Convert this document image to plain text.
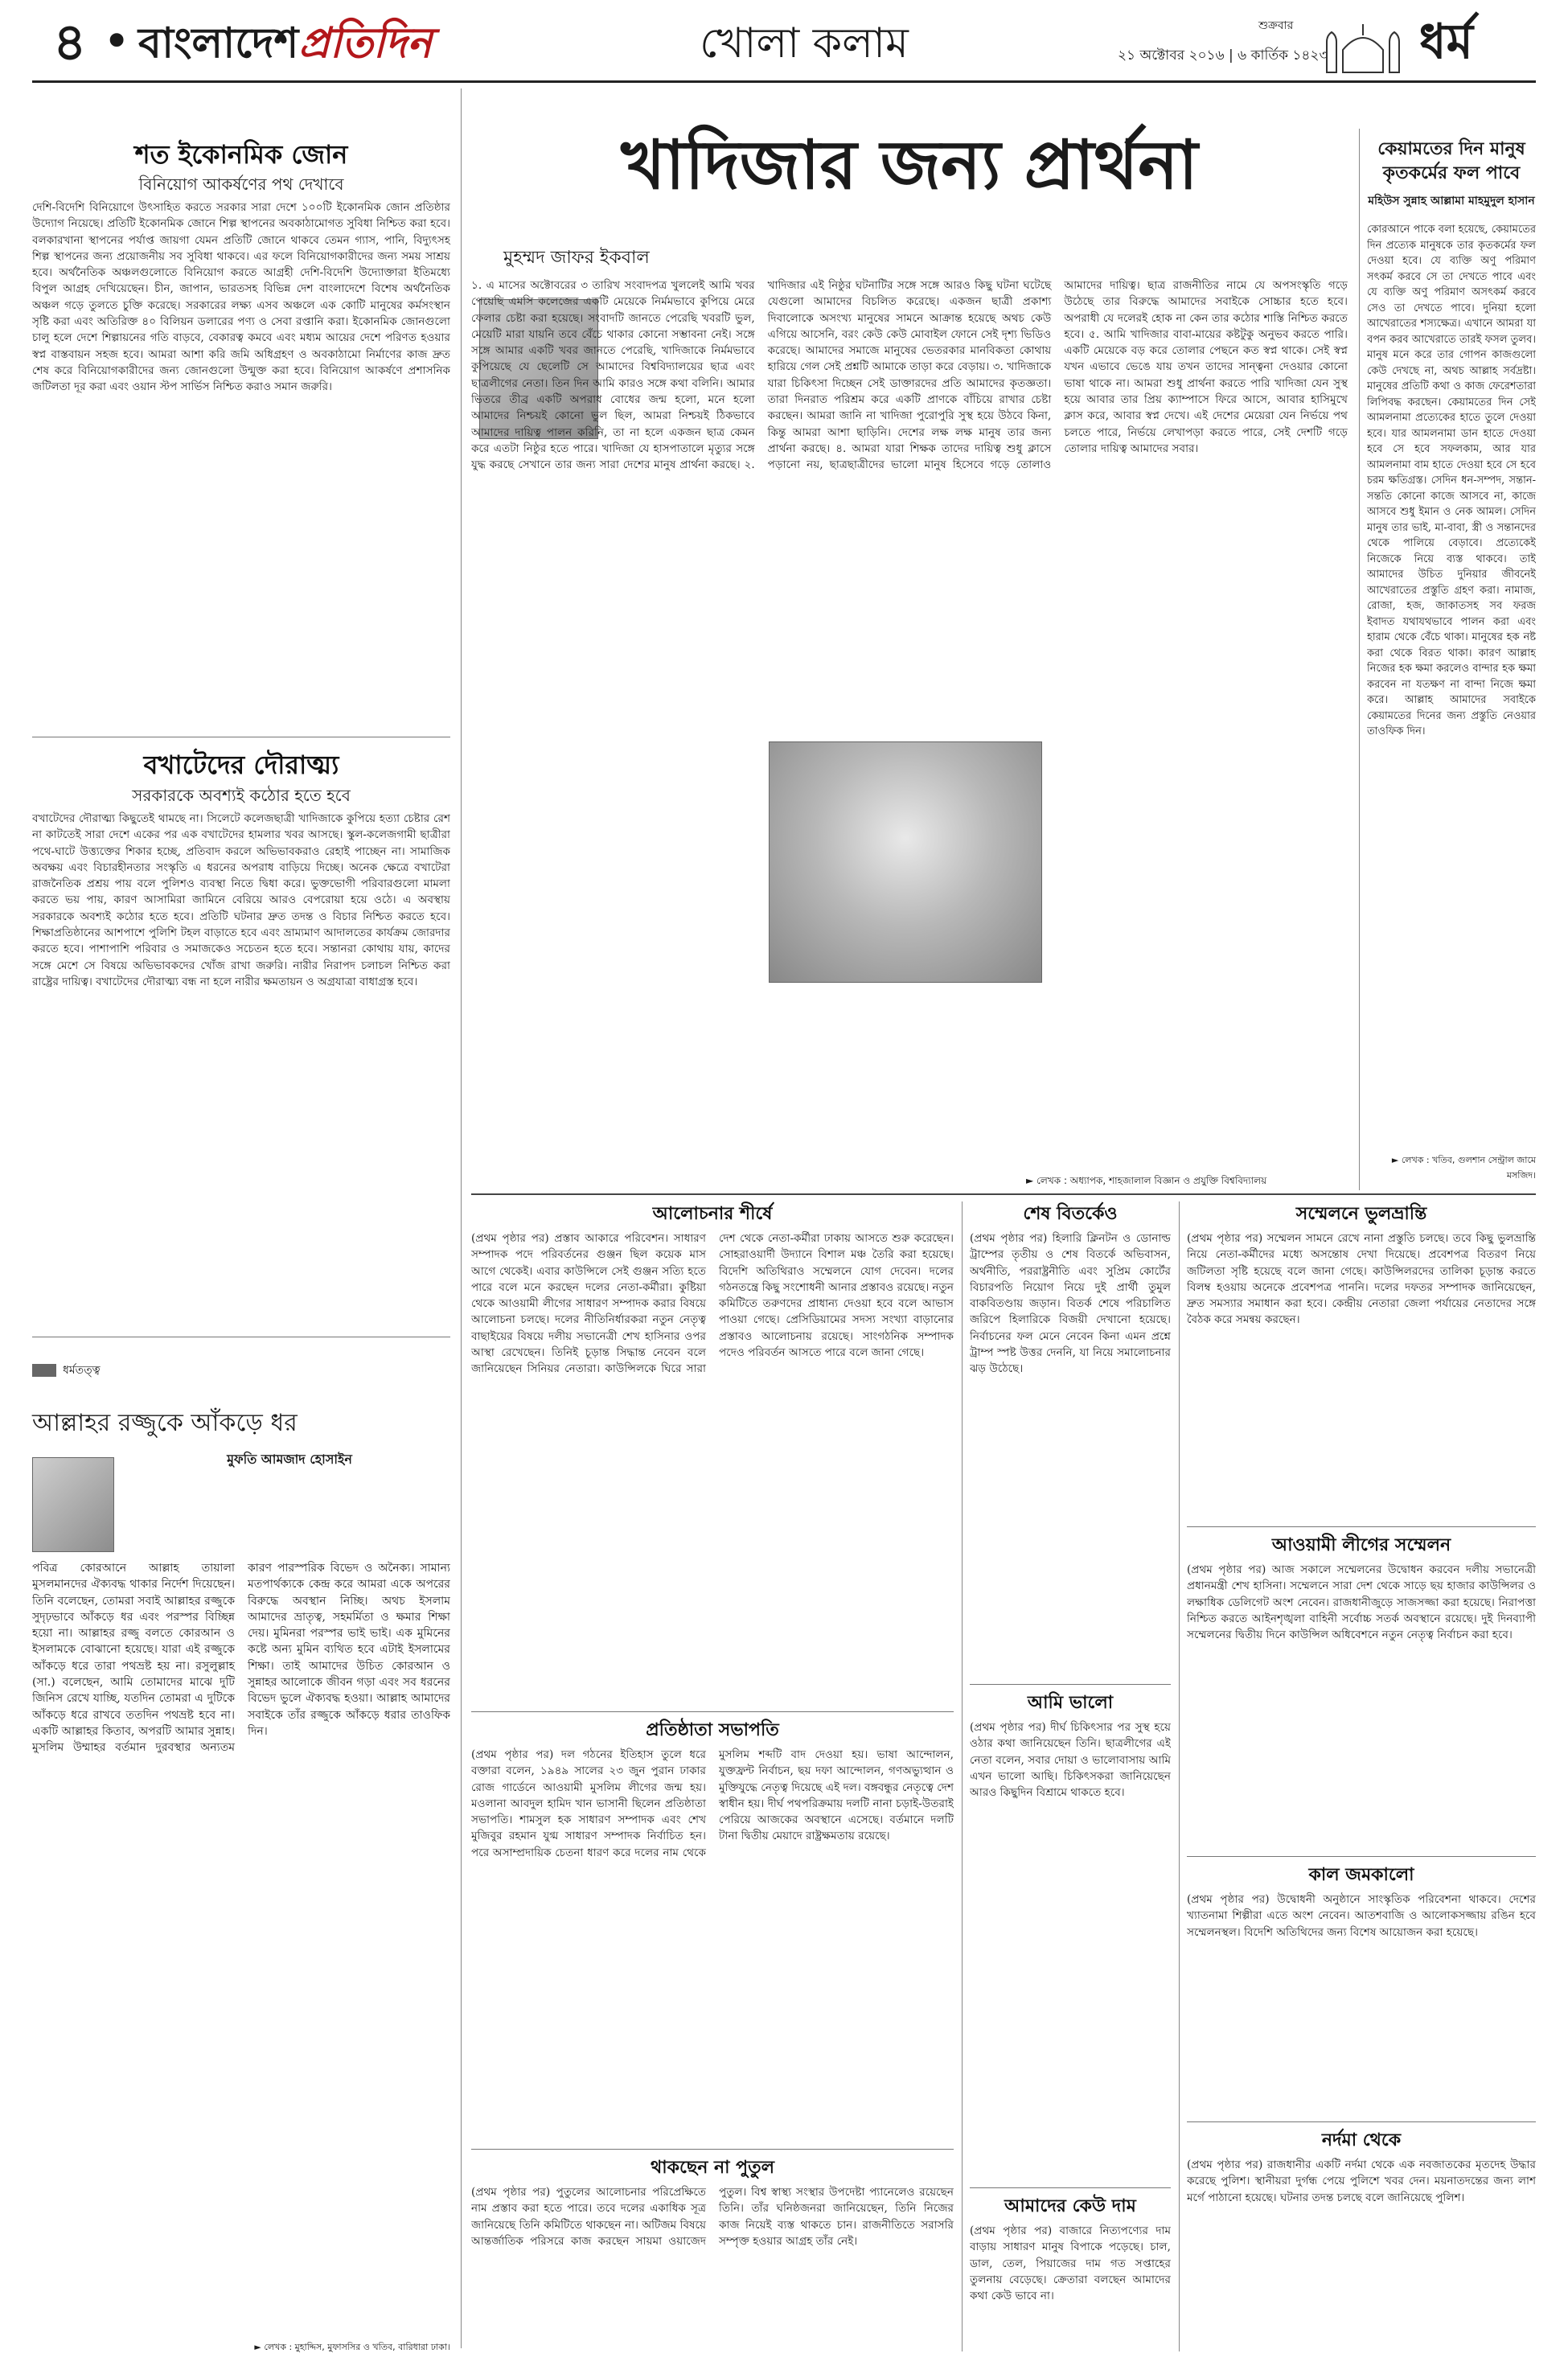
৪ • বাংলাদেশপ্রতিদিন	খোলা কলাম	শুক্রবার
২১ অক্টোবর ২০১৬ | ৬ কার্তিক ১৪২৩ ধর্ম
শত ইকোনমিক জোন
বিনিয়োগ আকর্ষণের পথ দেখাবে
দেশি-বিদেশি বিনিয়োগে উৎসাহিত করতে সরকার সারা দেশে ১০০টি ইকোনমিক জোন প্রতিষ্ঠার উদ্যোগ নিয়েছে। প্রতিটি ইকোনমিক জোনে শিল্প স্থাপনের অবকাঠামোগত সুবিধা নিশ্চিত করা হবে। বলকারখানা স্থাপনের পর্যাপ্ত জায়গা যেমন প্রতিটি জোনে থাকবে তেমন গ্যাস, পানি, বিদ্যুৎসহ শিল্প স্থাপনের জন্য প্রয়োজনীয় সব সুবিধা থাকবে। এর ফলে বিনিয়োগকারীদের জন্য সময় সাশ্রয় হবে। অর্থনৈতিক অঞ্চলগুলোতে বিনিয়োগ করতে আগ্রহী দেশি-বিদেশি উদ্যোক্তারা ইতিমধ্যে বিপুল আগ্রহ দেখিয়েছেন। চীন, জাপান, ভারতসহ বিভিন্ন দেশ বাংলাদেশে বিশেষ অর্থনৈতিক অঞ্চল গড়ে তুলতে চুক্তি করেছে। সরকারের লক্ষ্য এসব অঞ্চলে এক কোটি মানুষের কর্মসংস্থান সৃষ্টি করা এবং অতিরিক্ত ৪০ বিলিয়ন ডলারের পণ্য ও সেবা রপ্তানি করা। ইকোনমিক জোনগুলো চালু হলে দেশে শিল্পায়নের গতি বাড়বে, বেকারত্ব কমবে এবং মধ্যম আয়ের দেশে পরিণত হওয়ার স্বপ্ন বাস্তবায়ন সহজ হবে। আমরা আশা করি জমি অধিগ্রহণ ও অবকাঠামো নির্মাণের কাজ দ্রুত শেষ করে বিনিয়োগকারীদের জন্য জোনগুলো উন্মুক্ত করা হবে। বিনিয়োগ আকর্ষণে প্রশাসনিক জটিলতা দূর করা এবং ওয়ান স্টপ সার্ভিস নিশ্চিত করাও সমান জরুরি।
বখাটেদের দৌরাত্ম্য
সরকারকে অবশ্যই কঠোর হতে হবে
বখাটেদের দৌরাত্ম্য কিছুতেই থামছে না। সিলেটে কলেজছাত্রী খাদিজাকে কুপিয়ে হত্যা চেষ্টার রেশ না কাটতেই সারা দেশে একের পর এক বখাটেদের হামলার খবর আসছে। স্কুল-কলেজগামী ছাত্রীরা পথে-ঘাটে উত্ত্যক্তের শিকার হচ্ছে, প্রতিবাদ করলে অভিভাবকরাও রেহাই পাচ্ছেন না। সামাজিক অবক্ষয় এবং বিচারহীনতার সংস্কৃতি এ ধরনের অপরাধ বাড়িয়ে দিচ্ছে। অনেক ক্ষেত্রে বখাটেরা রাজনৈতিক প্রশ্রয় পায় বলে পুলিশও ব্যবস্থা নিতে দ্বিধা করে। ভুক্তভোগী পরিবারগুলো মামলা করতে ভয় পায়, কারণ আসামিরা জামিনে বেরিয়ে আরও বেপরোয়া হয়ে ওঠে। এ অবস্থায় সরকারকে অবশ্যই কঠোর হতে হবে। প্রতিটি ঘটনার দ্রুত তদন্ত ও বিচার নিশ্চিত করতে হবে। শিক্ষাপ্রতিষ্ঠানের আশপাশে পুলিশি টহল বাড়াতে হবে এবং ভ্রাম্যমাণ আদালতের কার্যক্রম জোরদার করতে হবে। পাশাপাশি পরিবার ও সমাজকেও সচেতন হতে হবে। সন্তানরা কোথায় যায়, কাদের সঙ্গে মেশে সে বিষয়ে অভিভাবকদের খোঁজ রাখা জরুরি। নারীর নিরাপদ চলাচল নিশ্চিত করা রাষ্ট্রের দায়িত্ব। বখাটেদের দৌরাত্ম্য বন্ধ না হলে নারীর ক্ষমতায়ন ও অগ্রযাত্রা বাধাগ্রস্ত হবে।
ধর্মতত্ত্ব
আল্লাহর রজ্জুকে আঁকড়ে ধর
মুফতি আমজাদ হোসাইন
পবিত্র কোরআনে আল্লাহ তায়ালা মুসলমানদের ঐক্যবদ্ধ থাকার নির্দেশ দিয়েছেন। তিনি বলেছেন, তোমরা সবাই আল্লাহর রজ্জুকে সুদৃঢ়ভাবে আঁকড়ে ধর এবং পরস্পর বিচ্ছিন্ন হয়ো না। আল্লাহর রজ্জু বলতে কোরআন ও ইসলামকে বোঝানো হয়েছে। যারা এই রজ্জুকে আঁকড়ে ধরে তারা পথভ্রষ্ট হয় না। রসুলুল্লাহ (সা.) বলেছেন, আমি তোমাদের মাঝে দুটি জিনিস রেখে যাচ্ছি, যতদিন তোমরা এ দুটিকে আঁকড়ে ধরে রাখবে ততদিন পথভ্রষ্ট হবে না। একটি আল্লাহর কিতাব, অপরটি আমার সুন্নাহ। মুসলিম উম্মাহর বর্তমান দুরবস্থার অন্যতম কারণ পারস্পরিক বিভেদ ও অনৈক্য। সামান্য মতপার্থক্যকে কেন্দ্র করে আমরা একে অপরের বিরুদ্ধে অবস্থান নিচ্ছি। অথচ ইসলাম আমাদের ভ্রাতৃত্ব, সহমর্মিতা ও ক্ষমার শিক্ষা দেয়। মুমিনরা পরস্পর ভাই ভাই। এক মুমিনের কষ্টে অন্য মুমিন ব্যথিত হবে এটাই ইসলামের শিক্ষা। তাই আমাদের উচিত কোরআন ও সুন্নাহর আলোকে জীবন গড়া এবং সব ধরনের বিভেদ ভুলে ঐক্যবদ্ধ হওয়া। আল্লাহ আমাদের সবাইকে তাঁর রজ্জুকে আঁকড়ে ধরার তাওফিক দিন।
► লেখক : মুহাদ্দিস, মুফাসসির ও খতিব, বারিধারা ঢাকা।
খাদিজার জন্য প্রার্থনা
মুহম্মদ জাফর ইকবাল
১. এ মাসের অক্টোবরের ৩ তারিখ সংবাদপত্র খুললেই আমি খবর পেয়েছি এমসি কলেজের একটি মেয়েকে নির্মমভাবে কুপিয়ে মেরে ফেলার চেষ্টা করা হয়েছে। সংবাদটি জানতে পেরেছি খবরটি ভুল, মেয়েটি মারা যায়নি তবে বেঁচে থাকার কোনো সম্ভাবনা নেই। সঙ্গে সঙ্গে আমার একটি খবর জানতে পেরেছি, খাদিজাকে নির্মমভাবে কুপিয়েছে যে ছেলেটি সে আমাদের বিশ্ববিদ্যালয়ের ছাত্র এবং ছাত্রলীগের নেতা। তিন দিন আমি কারও সঙ্গে কথা বলিনি। আমার ভিতরে তীব্র একটি অপরাধ বোধের জন্ম হলো, মনে হলো আমাদের নিশ্চয়ই কোনো ভুল ছিল, আমরা নিশ্চয়ই ঠিকভাবে আমাদের দায়িত্ব পালন করিনি, তা না হলে একজন ছাত্র কেমন করে এতটা নিষ্ঠুর হতে পারে। খাদিজা যে হাসপাতালে মৃত্যুর সঙ্গে যুদ্ধ করছে সেখানে তার জন্য সারা দেশের মানুষ প্রার্থনা করছে। ২. খাদিজার এই নিষ্ঠুর ঘটনাটির সঙ্গে সঙ্গে আরও কিছু ঘটনা ঘটেছে যেগুলো আমাদের বিচলিত করেছে। একজন ছাত্রী প্রকাশ্য দিবালোকে অসংখ্য মানুষের সামনে আক্রান্ত হয়েছে অথচ কেউ এগিয়ে আসেনি, বরং কেউ কেউ মোবাইল ফোনে সেই দৃশ্য ভিডিও করেছে। আমাদের সমাজে মানুষের ভেতরকার মানবিকতা কোথায় হারিয়ে গেল সেই প্রশ্নটি আমাকে তাড়া করে বেড়ায়। ৩. খাদিজাকে যারা চিকিৎসা দিচ্ছেন সেই ডাক্তারদের প্রতি আমাদের কৃতজ্ঞতা। তারা দিনরাত পরিশ্রম করে একটি প্রাণকে বাঁচিয়ে রাখার চেষ্টা করছেন। আমরা জানি না খাদিজা পুরোপুরি সুস্থ হয়ে উঠবে কিনা, কিন্তু আমরা আশা ছাড়িনি। দেশের লক্ষ লক্ষ মানুষ তার জন্য প্রার্থনা করছে। ৪. আমরা যারা শিক্ষক তাদের দায়িত্ব শুধু ক্লাসে পড়ানো নয়, ছাত্রছাত্রীদের ভালো মানুষ হিসেবে গড়ে তোলাও আমাদের দায়িত্ব। ছাত্র রাজনীতির নামে যে অপসংস্কৃতি গড়ে উঠেছে তার বিরুদ্ধে আমাদের সবাইকে সোচ্চার হতে হবে। অপরাধী যে দলেরই হোক না কেন তার কঠোর শাস্তি নিশ্চিত করতে হবে। ৫. আমি খাদিজার বাবা-মায়ের কষ্টটুকু অনুভব করতে পারি। একটি মেয়েকে বড় করে তোলার পেছনে কত স্বপ্ন থাকে। সেই স্বপ্ন যখন এভাবে ভেঙে যায় তখন তাদের সান্ত্বনা দেওয়ার কোনো ভাষা থাকে না। আমরা শুধু প্রার্থনা করতে পারি খাদিজা যেন সুস্থ হয়ে আবার তার প্রিয় ক্যাম্পাসে ফিরে আসে, আবার হাসিমুখে ক্লাস করে, আবার স্বপ্ন দেখে। এই দেশের মেয়েরা যেন নির্ভয়ে পথ চলতে পারে, নির্ভয়ে লেখাপড়া করতে পারে, সেই দেশটি গড়ে তোলার দায়িত্ব আমাদের সবার।
► লেখক : অধ্যাপক, শাহজালাল বিজ্ঞান ও প্রযুক্তি বিশ্ববিদ্যালয়
কেয়ামতের দিন মানুষ কৃতকর্মের ফল পাবে
মহিউস সুন্নাহ আল্লামা মাহমুদুল হাসান
কোরআনে পাকে বলা হয়েছে, কেয়ামতের দিন প্রত্যেক মানুষকে তার কৃতকর্মের ফল দেওয়া হবে। যে ব্যক্তি অণু পরিমাণ সৎকর্ম করবে সে তা দেখতে পাবে এবং যে ব্যক্তি অণু পরিমাণ অসৎকর্ম করবে সেও তা দেখতে পাবে। দুনিয়া হলো আখেরাতের শস্যক্ষেত্র। এখানে আমরা যা বপন করব আখেরাতে তারই ফসল তুলব। মানুষ মনে করে তার গোপন কাজগুলো কেউ দেখছে না, অথচ আল্লাহ সর্বদ্রষ্টা। মানুষের প্রতিটি কথা ও কাজ ফেরেশতারা লিপিবদ্ধ করছেন। কেয়ামতের দিন সেই আমলনামা প্রত্যেকের হাতে তুলে দেওয়া হবে। যার আমলনামা ডান হাতে দেওয়া হবে সে হবে সফলকাম, আর যার আমলনামা বাম হাতে দেওয়া হবে সে হবে চরম ক্ষতিগ্রস্ত। সেদিন ধন-সম্পদ, সন্তান-সন্ততি কোনো কাজে আসবে না, কাজে আসবে শুধু ইমান ও নেক আমল। সেদিন মানুষ তার ভাই, মা-বাবা, স্ত্রী ও সন্তানদের থেকে পালিয়ে বেড়াবে। প্রত্যেকেই নিজেকে নিয়ে ব্যস্ত থাকবে। তাই আমাদের উচিত দুনিয়ার জীবনেই আখেরাতের প্রস্তুতি গ্রহণ করা। নামাজ, রোজা, হজ, জাকাতসহ সব ফরজ ইবাদত যথাযথভাবে পালন করা এবং হারাম থেকে বেঁচে থাকা। মানুষের হক নষ্ট করা থেকে বিরত থাকা। কারণ আল্লাহ নিজের হক ক্ষমা করলেও বান্দার হক ক্ষমা করবেন না যতক্ষণ না বান্দা নিজে ক্ষমা করে। আল্লাহ আমাদের সবাইকে কেয়ামতের দিনের জন্য প্রস্তুতি নেওয়ার তাওফিক দিন।
► লেখক : খতিব, গুলশান সেন্ট্রাল জামে মসজিদ।
আলোচনার শীর্ষে
(প্রথম পৃষ্ঠার পর) প্রস্তাব আকারে পরিবেশন। সাধারণ সম্পাদক পদে পরিবর্তনের গুঞ্জন ছিল কয়েক মাস আগে থেকেই। এবার কাউন্সিলে সেই গুঞ্জন সত্যি হতে পারে বলে মনে করছেন দলের নেতা-কর্মীরা। কুষ্টিয়া থেকে আওয়ামী লীগের সাধারণ সম্পাদক করার বিষয়ে আলোচনা চলছে। দলের নীতিনির্ধারকরা নতুন নেতৃত্ব বাছাইয়ের বিষয়ে দলীয় সভানেত্রী শেখ হাসিনার ওপর আস্থা রেখেছেন। তিনিই চূড়ান্ত সিদ্ধান্ত নেবেন বলে জানিয়েছেন সিনিয়র নেতারা। কাউন্সিলকে ঘিরে সারা দেশ থেকে নেতা-কর্মীরা ঢাকায় আসতে শুরু করেছেন। সোহরাওয়ার্দী উদ্যানে বিশাল মঞ্চ তৈরি করা হয়েছে। বিদেশি অতিথিরাও সম্মেলনে যোগ দেবেন। দলের গঠনতন্ত্রে কিছু সংশোধনী আনার প্রস্তাবও রয়েছে। নতুন কমিটিতে তরুণদের প্রাধান্য দেওয়া হবে বলে আভাস পাওয়া গেছে। প্রেসিডিয়ামের সদস্য সংখ্যা বাড়ানোর প্রস্তাবও আলোচনায় রয়েছে। সাংগঠনিক সম্পাদক পদেও পরিবর্তন আসতে পারে বলে জানা গেছে।
প্রতিষ্ঠাতা সভাপতি
(প্রথম পৃষ্ঠার পর) দল গঠনের ইতিহাস তুলে ধরে বক্তারা বলেন, ১৯৪৯ সালের ২৩ জুন পুরান ঢাকার রোজ গার্ডেনে আওয়ামী মুসলিম লীগের জন্ম হয়। মওলানা আবদুল হামিদ খান ভাসানী ছিলেন প্রতিষ্ঠাতা সভাপতি। শামসুল হক সাধারণ সম্পাদক এবং শেখ মুজিবুর রহমান যুগ্ম সাধারণ সম্পাদক নির্বাচিত হন। পরে অসাম্প্রদায়িক চেতনা ধারণ করে দলের নাম থেকে মুসলিম শব্দটি বাদ দেওয়া হয়। ভাষা আন্দোলন, যুক্তফ্রন্ট নির্বাচন, ছয় দফা আন্দোলন, গণঅভ্যুত্থান ও মুক্তিযুদ্ধে নেতৃত্ব দিয়েছে এই দল। বঙ্গবন্ধুর নেতৃত্বে দেশ স্বাধীন হয়। দীর্ঘ পথপরিক্রমায় দলটি নানা চড়াই-উতরাই পেরিয়ে আজকের অবস্থানে এসেছে। বর্তমানে দলটি টানা দ্বিতীয় মেয়াদে রাষ্ট্রক্ষমতায় রয়েছে।
থাকছেন না পুতুল
(প্রথম পৃষ্ঠার পর) পুতুলের আলোচনার পরিপ্রেক্ষিতে নাম প্রস্তাব করা হতে পারে। তবে দলের একাধিক সূত্র জানিয়েছে তিনি কমিটিতে থাকছেন না। অটিজম বিষয়ে আন্তর্জাতিক পরিসরে কাজ করছেন সায়মা ওয়াজেদ পুতুল। বিশ্ব স্বাস্থ্য সংস্থার উপদেষ্টা প্যানেলেও রয়েছেন তিনি। তাঁর ঘনিষ্ঠজনরা জানিয়েছেন, তিনি নিজের কাজ নিয়েই ব্যস্ত থাকতে চান। রাজনীতিতে সরাসরি সম্পৃক্ত হওয়ার আগ্রহ তাঁর নেই।
শেষ বিতর্কেও
(প্রথম পৃষ্ঠার পর) হিলারি ক্লিনটন ও ডোনাল্ড ট্রাম্পের তৃতীয় ও শেষ বিতর্কে অভিবাসন, অর্থনীতি, পররাষ্ট্রনীতি এবং সুপ্রিম কোর্টের বিচারপতি নিয়োগ নিয়ে দুই প্রার্থী তুমুল বাকবিতণ্ডায় জড়ান। বিতর্ক শেষে পরিচালিত জরিপে হিলারিকে বিজয়ী দেখানো হয়েছে। নির্বাচনের ফল মেনে নেবেন কিনা এমন প্রশ্নে ট্রাম্প স্পষ্ট উত্তর দেননি, যা নিয়ে সমালোচনার ঝড় উঠেছে।
আমি ভালো
(প্রথম পৃষ্ঠার পর) দীর্ঘ চিকিৎসার পর সুস্থ হয়ে ওঠার কথা জানিয়েছেন তিনি। ছাত্রলীগের এই নেতা বলেন, সবার দোয়া ও ভালোবাসায় আমি এখন ভালো আছি। চিকিৎসকরা জানিয়েছেন আরও কিছুদিন বিশ্রামে থাকতে হবে।
আমাদের কেউ দাম
(প্রথম পৃষ্ঠার পর) বাজারে নিত্যপণ্যের দাম বাড়ায় সাধারণ মানুষ বিপাকে পড়েছে। চাল, ডাল, তেল, পিয়াজের দাম গত সপ্তাহের তুলনায় বেড়েছে। ক্রেতারা বলছেন আমাদের কথা কেউ ভাবে না।
সম্মেলনে ভুলভ্রান্তি
(প্রথম পৃষ্ঠার পর) সম্মেলন সামনে রেখে নানা প্রস্তুতি চলছে। তবে কিছু ভুলভ্রান্তি নিয়ে নেতা-কর্মীদের মধ্যে অসন্তোষ দেখা দিয়েছে। প্রবেশপত্র বিতরণ নিয়ে জটিলতা সৃষ্টি হয়েছে বলে জানা গেছে। কাউন্সিলরদের তালিকা চূড়ান্ত করতে বিলম্ব হওয়ায় অনেকে প্রবেশপত্র পাননি। দলের দফতর সম্পাদক জানিয়েছেন, দ্রুত সমস্যার সমাধান করা হবে। কেন্দ্রীয় নেতারা জেলা পর্যায়ের নেতাদের সঙ্গে বৈঠক করে সমন্বয় করছেন।
আওয়ামী লীগের সম্মেলন
(প্রথম পৃষ্ঠার পর) আজ সকালে সম্মেলনের উদ্বোধন করবেন দলীয় সভানেত্রী প্রধানমন্ত্রী শেখ হাসিনা। সম্মেলনে সারা দেশ থেকে সাড়ে ছয় হাজার কাউন্সিলর ও লক্ষাধিক ডেলিগেট অংশ নেবেন। রাজধানীজুড়ে সাজসজ্জা করা হয়েছে। নিরাপত্তা নিশ্চিত করতে আইনশৃঙ্খলা বাহিনী সর্বোচ্চ সতর্ক অবস্থানে রয়েছে। দুই দিনব্যাপী সম্মেলনের দ্বিতীয় দিনে কাউন্সিল অধিবেশনে নতুন নেতৃত্ব নির্বাচন করা হবে।
কাল জমকালো
(প্রথম পৃষ্ঠার পর) উদ্বোধনী অনুষ্ঠানে সাংস্কৃতিক পরিবেশনা থাকবে। দেশের খ্যাতনামা শিল্পীরা এতে অংশ নেবেন। আতশবাজি ও আলোকসজ্জায় রঙিন হবে সম্মেলনস্থল। বিদেশি অতিথিদের জন্য বিশেষ আয়োজন করা হয়েছে।
নর্দমা থেকে
(প্রথম পৃষ্ঠার পর) রাজধানীর একটি নর্দমা থেকে এক নবজাতকের মৃতদেহ উদ্ধার করেছে পুলিশ। স্থানীয়রা দুর্গন্ধ পেয়ে পুলিশে খবর দেন। ময়নাতদন্তের জন্য লাশ মর্গে পাঠানো হয়েছে। ঘটনার তদন্ত চলছে বলে জানিয়েছে পুলিশ।
